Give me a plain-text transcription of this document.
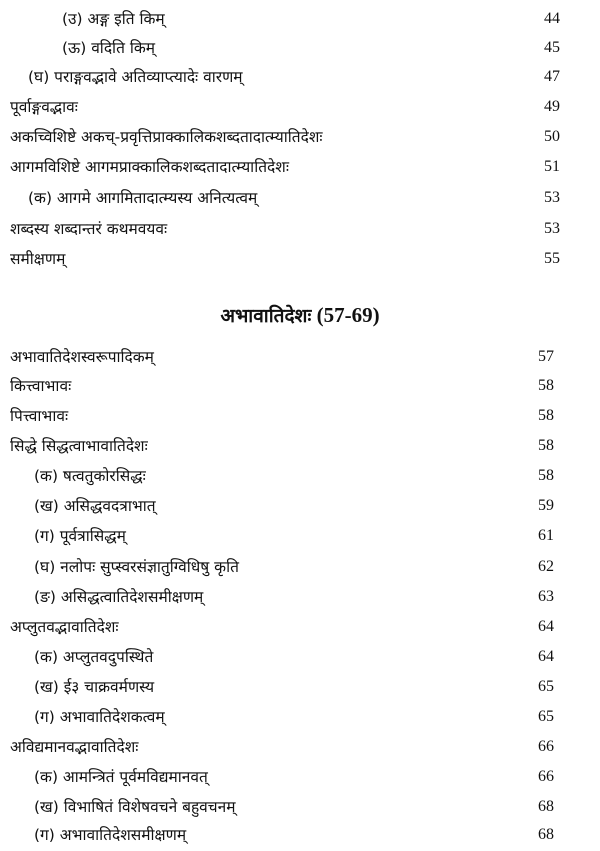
(उ) अङ्ग इति किम्	44
(ऊ) वदिति किम्	45
(घ) पराङ्गवद्भावे अतिव्याप्त्यादेः वारणम्	47
पूर्वाङ्गवद्भावः	49
अकच्विशिष्टे अकच्-प्रवृत्तिप्राक्कालिकशब्दतादात्म्यातिदेशः	50
आगमविशिष्टे आगमप्राक्कालिकशब्दतादात्म्यातिदेशः	51
(क) आगमे आगमितादात्म्यस्य अनित्यत्वम्	53
शब्दस्य शब्दान्तरं कथमवयवः	53
समीक्षणम्	55
अभावातिदेशः (57-69)
अभावातिदेशस्वरूपादिकम्	57
कित्त्वाभावः	58
पित्त्वाभावः	58
सिद्धे सिद्धत्वाभावातिदेशः	58
(क) षत्वतुकोरसिद्धः	58
(ख) असिद्धवदत्राभात्	59
(ग) पूर्वत्रासिद्धम्	61
(घ) नलोपः सुप्स्वरसंज्ञातुग्विधिषु कृति	62
(ङ) असिद्धत्वातिदेशसमीक्षणम्	63
अप्लुतवद्भावातिदेशः	64
(क) अप्लुतवदुपस्थिते	64
(ख) ई३ चाक्रवर्मणस्य	65
(ग) अभावातिदेशकत्वम्	65
अविद्यमानवद्भावातिदेशः	66
(क) आमन्त्रितं पूर्वमविद्यमानवत्	66
(ख) विभाषितं विशेषवचने बहुवचनम्	68
(ग) अभावातिदेशसमीक्षणम्	68
